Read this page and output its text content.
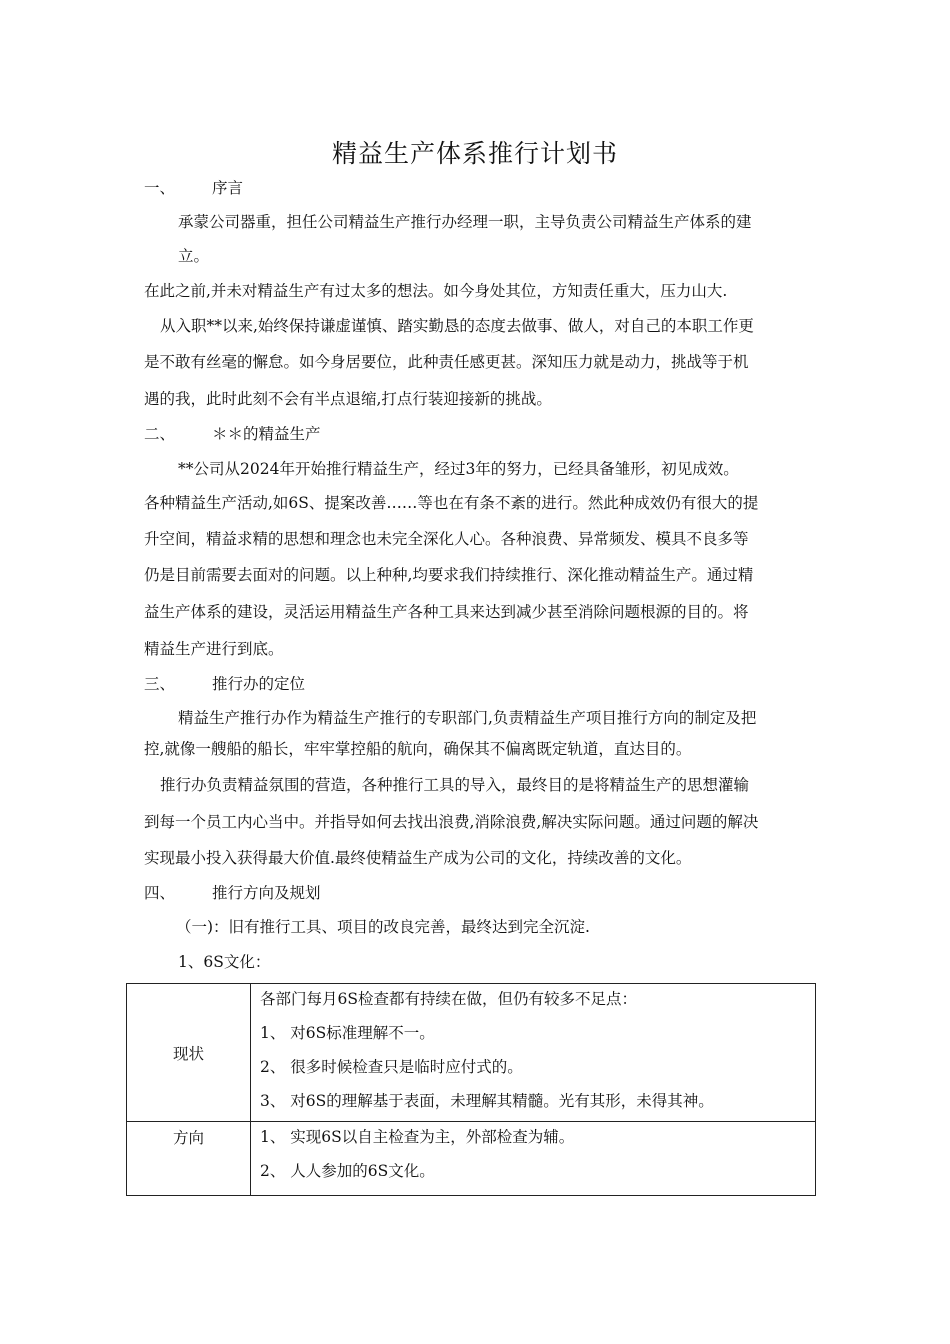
精益生产体系推行计划书
一、 序言
承蒙公司器重，担任公司精益生产推行办经理一职，主导负责公司精益生产体系的建
立。
在此之前,并未对精益生产有过太多的想法。如今身处其位，方知责任重大，压力山大.
从入职**以来,始终保持谦虚谨慎、踏实勤恳的态度去做事、做人，对自己的本职工作更
是不敢有丝毫的懈怠。如今身居要位，此种责任感更甚。深知压力就是动力，挑战等于机
遇的我，此时此刻不会有半点退缩,打点行装迎接新的挑战。
二、 ＊＊的精益生产
**公司从2024年开始推行精益生产，经过3年的努力，已经具备雏形，初见成效。
各种精益生产活动,如6S、提案改善……等也在有条不紊的进行。然此种成效仍有很大的提
升空间，精益求精的思想和理念也未完全深化人心。各种浪费、异常频发、模具不良多等
仍是目前需要去面对的问题。以上种种,均要求我们持续推行、深化推动精益生产。通过精
益生产体系的建设，灵活运用精益生产各种工具来达到减少甚至消除问题根源的目的。将
精益生产进行到底。
三、 推行办的定位
精益生产推行办作为精益生产推行的专职部门,负责精益生产项目推行方向的制定及把
控,就像一艘船的船长，牢牢掌控船的航向，确保其不偏离既定轨道，直达目的。
推行办负责精益氛围的营造，各种推行工具的导入，最终目的是将精益生产的思想灌输
到每一个员工内心当中。并指导如何去找出浪费,消除浪费,解决实际问题。通过问题的解决
实现最小投入获得最大价值.最终使精益生产成为公司的文化，持续改善的文化。
四、 推行方向及规划
（一)：旧有推行工具、项目的改良完善，最终达到完全沉淀.
1、6S文化：
现状	各部门每月6S检查都有持续在做，但仍有较多不足点：
1、 对6S标准理解不一。
2、 很多时候检查只是临时应付式的。
3、 对6S的理解基于表面，未理解其精髓。光有其形，未得其神。

方向	1、 实现6S以自主检查为主，外部检查为辅。
2、 人人参加的6S文化。
